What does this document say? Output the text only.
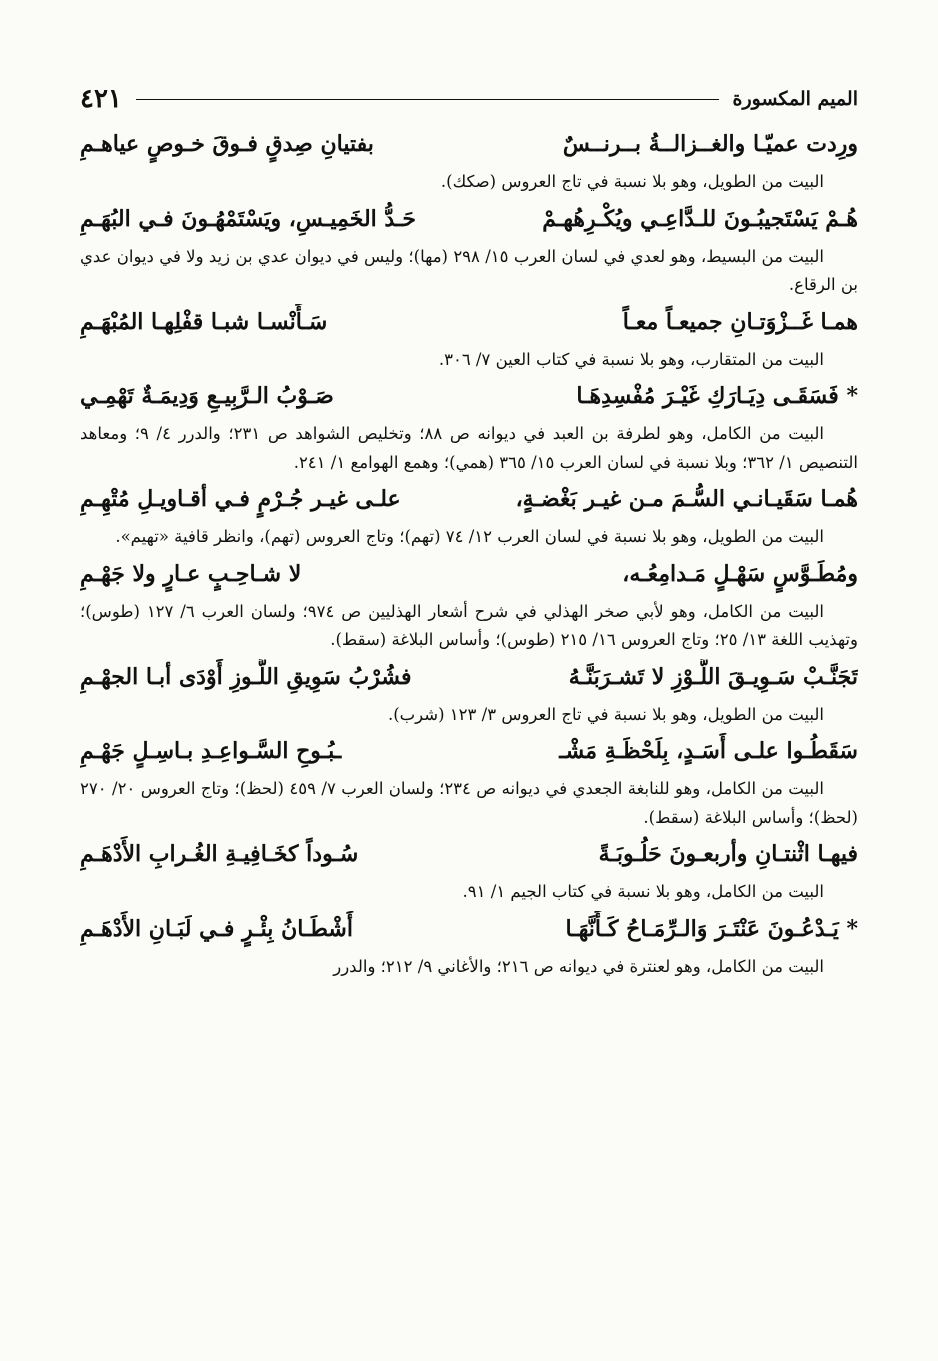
الميم المكسورة
٤٢١
ورِدت عميّـا والغــزالــةُ بــرنــسٌ
بفتيانِ صِدقٍ فـوقَ خـوصٍ عياهـمِ

البيت من الطويل، وهو بلا نسبة في تاج العروس (صكك).

هُـمْ يَسْتَجيبُـونَ للـدَّاعِـي ويُكْـرِهُهـمْ
حَـدُّ الخَمِيـسِ، ويَسْتَمْهُـونَ فـي البُهَـمِ

البيت من البسيط، وهو لعدي في لسان العرب ١٥/ ٢٩٨ (مها)؛ وليس في ديوان عدي بن زيد ولا في ديوان عدي بن الرقاع.

همـا غَــزْوَتـانِ جميعـاً معـاً
سَـأَنْسـا شبـا قفْلِهـا المُبْهَـمِ

البيت من المتقارب، وهو بلا نسبة في كتاب العين ٧/ ٣٠٦.

* فَسَقَـى دِيَـارَكِ غَيْـرَ مُفْسِدِهَـا
صَـوْبُ الـرَّبِيـعِ وَدِيمَـةٌ تَهْمِـي

البيت من الكامل، وهو لطرفة بن العبد في ديوانه ص ٨٨؛ وتخليص الشواهد ص ٢٣١؛ والدرر ٤/ ٩؛ ومعاهد التنصيص ١/ ٣٦٢؛ وبلا نسبة في لسان العرب ١٥/ ٣٦٥ (همي)؛ وهمع الهوامع ١/ ٢٤١.

هُمـا سَقَيـانـي السُّـمَ مـن غيـر بَغْضـةٍ،
علـى غيـر جُـرْمٍ فـي أقـاويـلِ مُتْهِـمِ

البيت من الطويل، وهو بلا نسبة في لسان العرب ١٢/ ٧٤ (تهم)؛ وتاج العروس (تهم)، وانظر قافية «تهيم».

ومُطَـوَّسٍ سَهْـلٍ مَـدامِعُـه،
لا شـاحِـبٍ عـارٍ ولا جَهْـمِ

البيت من الكامل، وهو لأبي صخر الهذلي في شرح أشعار الهذليين ص ٩٧٤؛ ولسان العرب ٦/ ١٢٧ (طوس)؛ وتهذيب اللغة ١٣/ ٢٥؛ وتاج العروس ١٦/ ٢١٥ (طوس)؛ وأساس البلاغة (سقط).

تَجَنَّـبْ سَـوِيـقَ اللَّـوْزِ لا تَشـرَبَنَّـهُ
فشُرْبُ سَوِيقِ اللَّـوزِ أَوْدَى أبـا الجهْـمِ

البيت من الطويل، وهو بلا نسبة في تاج العروس ٣/ ١٢٣ (شرب).

سَقَطُـوا علـى أَسَـدٍ، بِلَحْظَـةِ مَشْـ
ـبُـوحِ السَّـواعِـدِ بـاسِـلٍ جَهْـمِ

البيت من الكامل، وهو للنابغة الجعدي في ديوانه ص ٢٣٤؛ ولسان العرب ٧/ ٤٥٩ (لحظ)؛ وتاج العروس ٢٠/ ٢٧٠ (لحظ)؛ وأساس البلاغة (سقط).

فيهـا اثْنتـانِ وأربعـونَ حَلُـوبَـةً
سُـوداً كخَـافِيـةِ الغُـرابِ الأَدْهَـمِ

البيت من الكامل، وهو بلا نسبة في كتاب الجيم ١/ ٩١.

* يَـدْعُـونَ عَنْتَـرَ وَالـرِّمَـاحُ كَـأَنَّهَـا
أَشْطَـانُ بِئْـرٍ فـي لَبَـانِ الأَدْهَـمِ

البيت من الكامل، وهو لعنترة في ديوانه ص ٢١٦؛ والأغاني ٩/ ٢١٢؛ والدرر
